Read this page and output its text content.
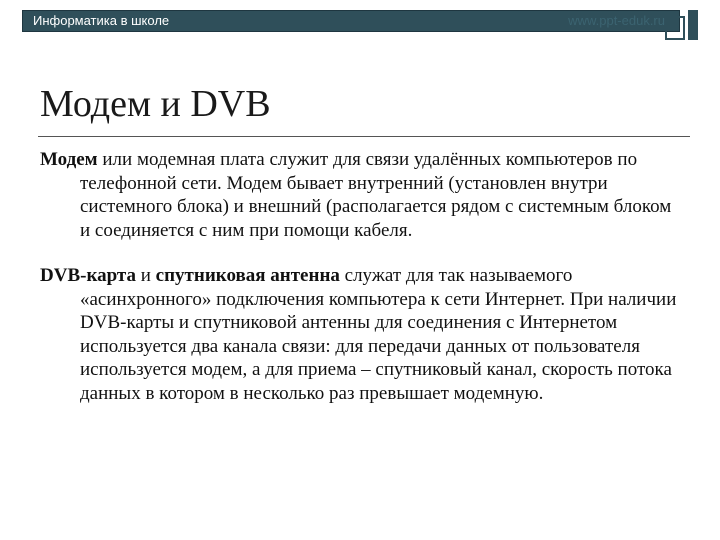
Информатика в школе	www.ppt-eduk.ru
Модем и DVB

Модем или модемная плата служит для связи удалённых компьютеров по телефонной сети. Модем бывает внутренний (установлен внутри системного блока) и внешний (располагается рядом с системным блоком и соединяется с ним при помощи кабеля.

DVB-карта и спутниковая антенна служат для так называемого «асинхронного» подключения компьютера к сети Интернет. При наличии DVB-карты и спутниковой антенны для соединения с Интернетом используется два канала связи: для передачи данных от пользователя используется модем, а для приема – спутниковый канал, скорость потока данных в котором в несколько раз превышает модемную.
